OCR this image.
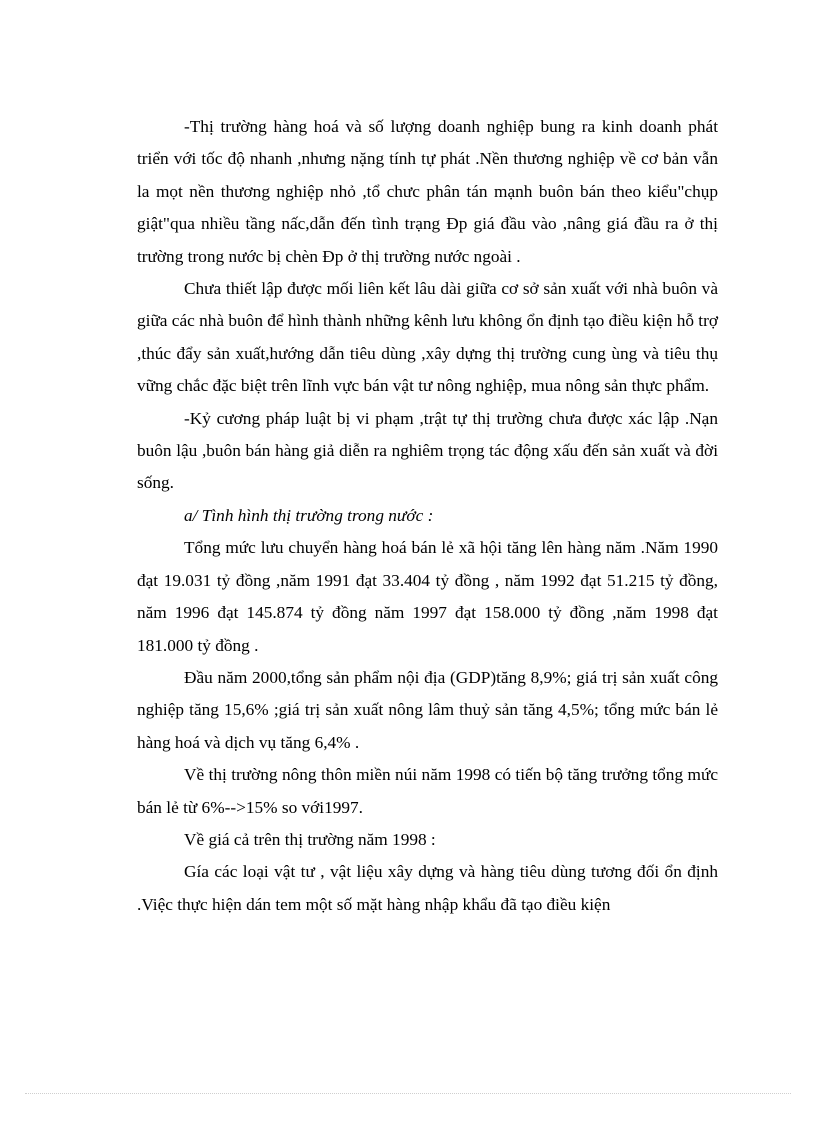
-Thị trường hàng hoá và số lượng doanh nghiệp bung ra kinh doanh phát triển với tốc độ nhanh ,nhưng nặng tính tự phát .Nền thương nghiệp về cơ bản vẫn la mọt nền thương nghiệp nhỏ ,tổ chưc phân tán mạnh buôn bán theo kiểu"chụp giật"qua nhiều tầng nấc,dẫn đến tình trạng Đp giá đầu vào ,nâng giá đầu ra ở thị trường trong nước bị chèn Đp ở thị trường nước ngoài .

Chưa thiết lập được mối liên kết lâu dài giữa cơ sở sản xuất với nhà buôn và giữa các nhà buôn để hình thành những kênh lưu không ổn định tạo điều kiện hỗ trợ ,thúc đẩy sản xuất,hướng dẫn tiêu dùng ,xây dựng thị trường cung ùng và tiêu thụ vững chắc đặc biệt trên lĩnh vực bán vật tư nông nghiệp, mua nông sản thực phẩm.

-Kỷ cương pháp luật bị vi phạm ,trật tự thị trường chưa được xác lập .Nạn buôn lậu ,buôn bán hàng giả diễn ra nghiêm trọng tác động xấu đến sản xuất và đời sống.

a/ Tình hình thị trường trong nước :

Tổng mức lưu chuyển hàng hoá bán lẻ xã hội tăng lên hàng năm .Năm 1990 đạt 19.031 tỷ đồng ,năm 1991 đạt 33.404 tỷ đồng , năm 1992 đạt 51.215 tỷ đồng, năm 1996 đạt 145.874 tỷ đồng năm 1997 đạt 158.000 tỷ đồng ,năm 1998 đạt 181.000 tỷ đồng .

Đầu năm 2000,tổng sản phẩm nội địa (GDP)tăng 8,9%; giá trị sản xuất công nghiệp tăng 15,6% ;giá trị sản xuất nông lâm thuỷ sản tăng 4,5%; tổng mức bán lẻ hàng hoá và dịch vụ tăng 6,4% .

Về thị trường nông thôn miền núi năm 1998 có tiến bộ tăng trưởng tổng mức bán lẻ từ 6%-->15% so với1997.

Về giá cả trên thị trường năm 1998 :

Gía các loại vật tư , vật liệu xây dựng và hàng tiêu dùng tương đối ổn định .Việc thực hiện dán tem một số mặt hàng nhập khẩu đã tạo điều kiện
